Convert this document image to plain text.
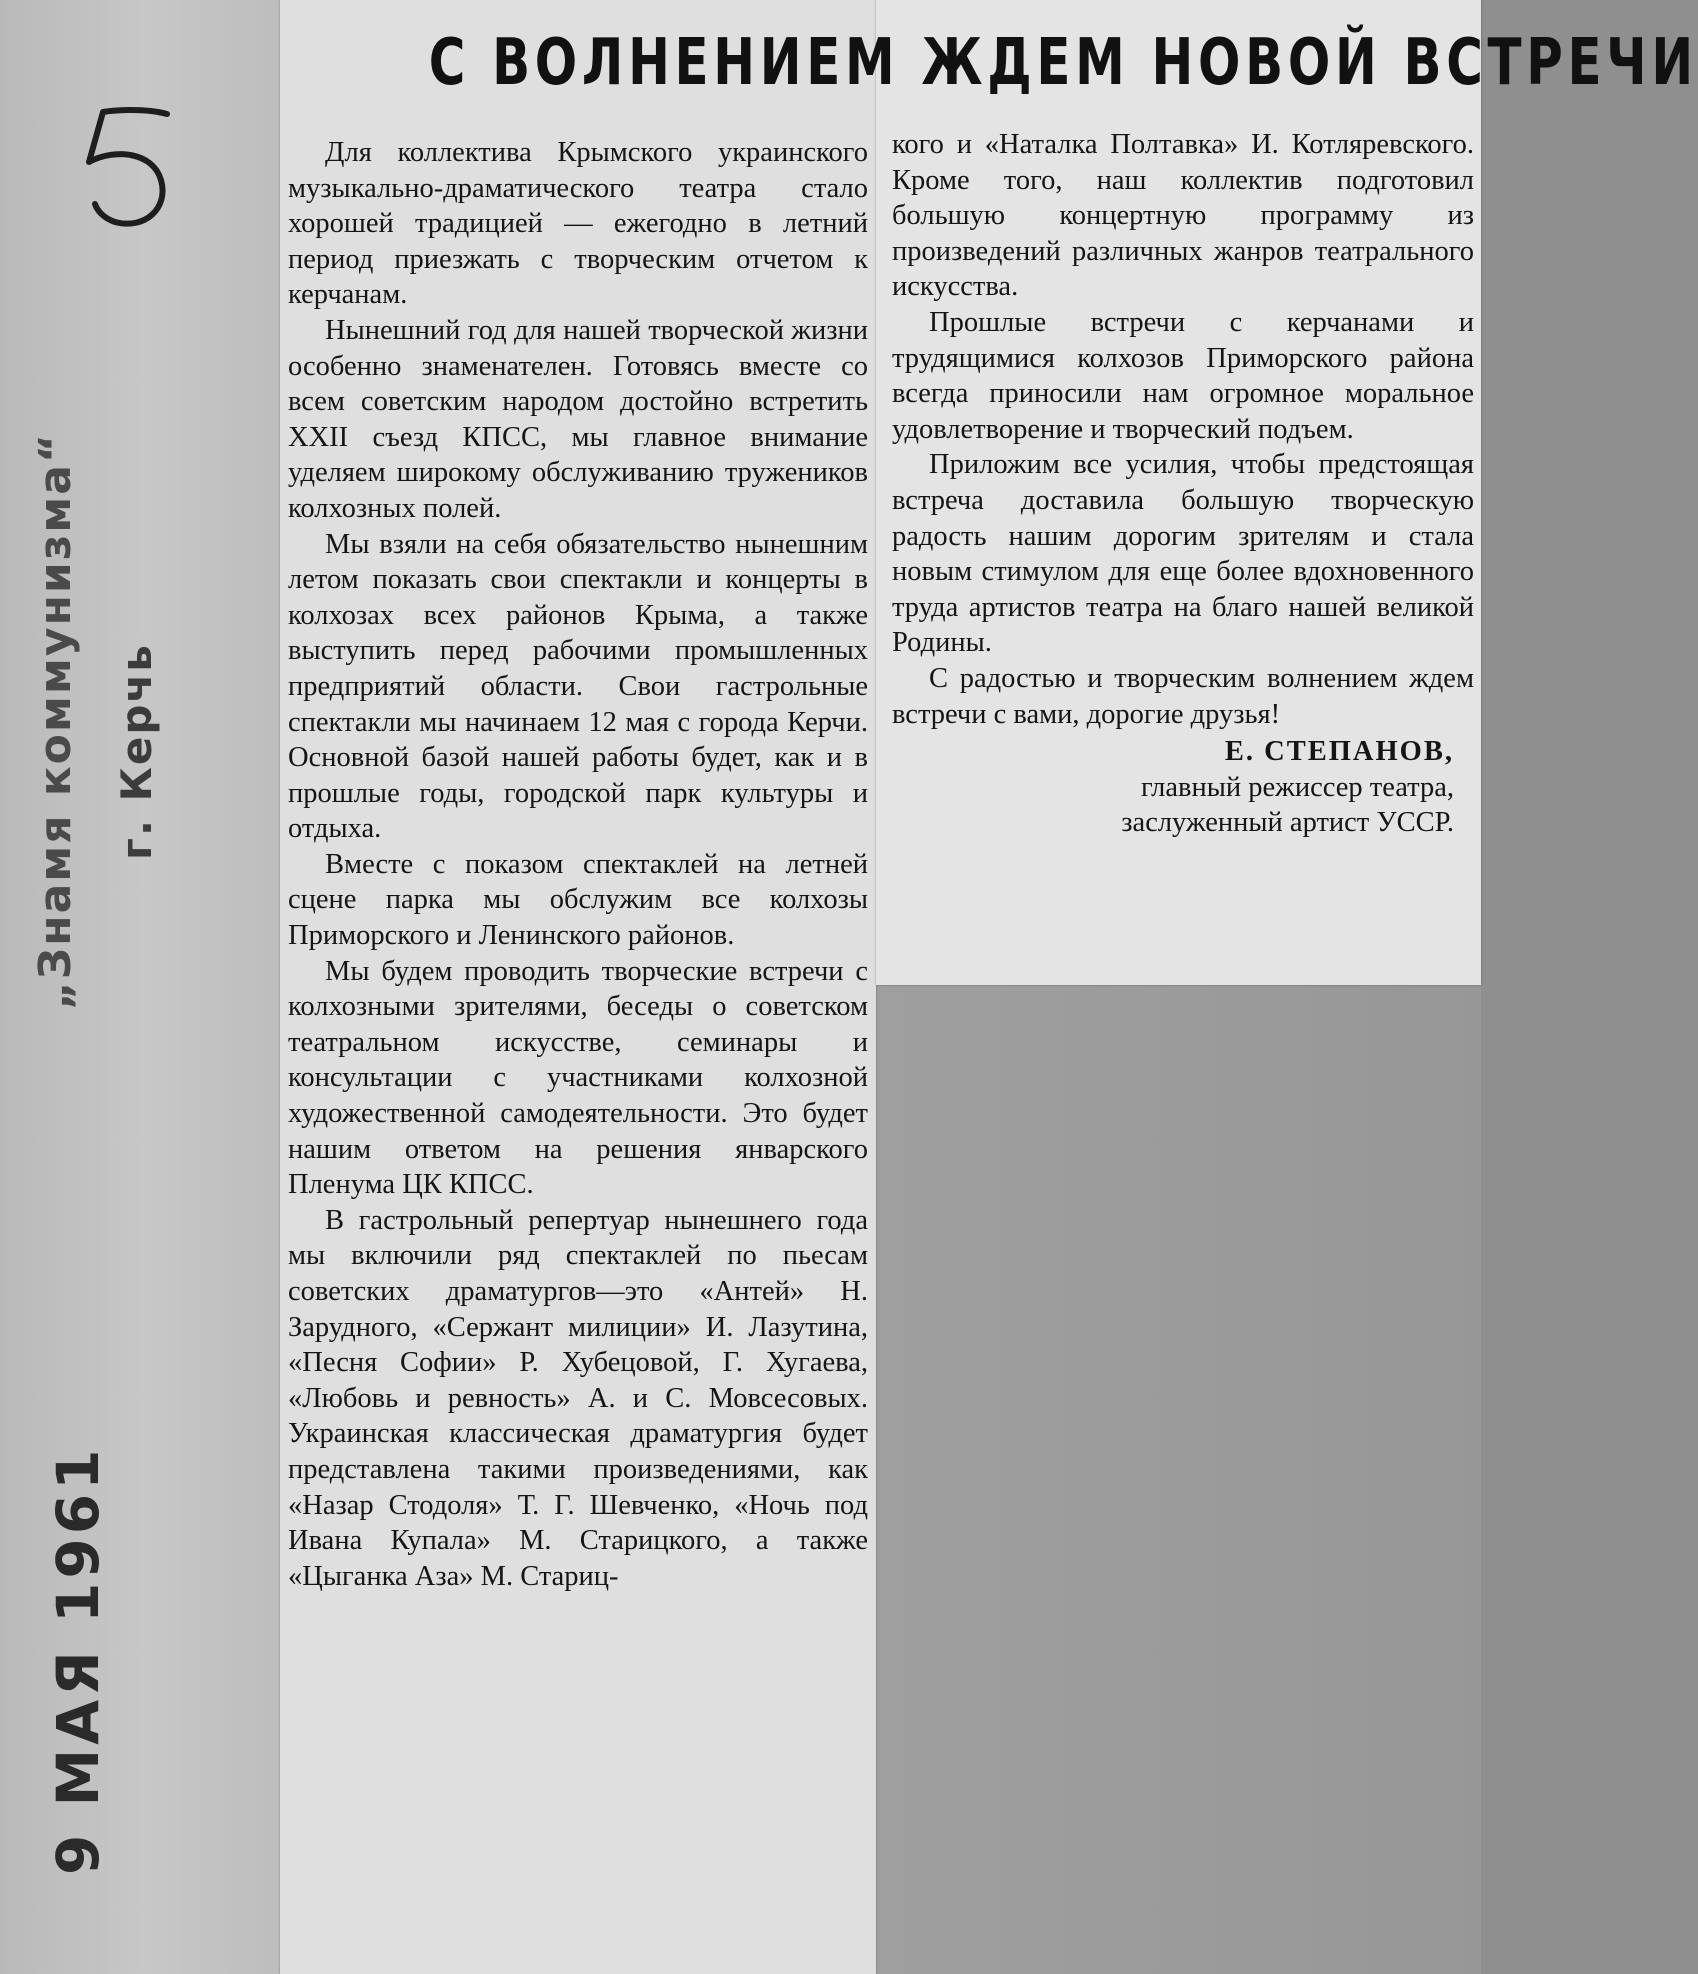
„Знамя коммунизма“ г. Керчь
9 МАЯ 1961
С ВОЛНЕНИЕМ ЖДЕМ НОВОЙ ВСТРЕЧИ

Для коллектива Крымского украинского музыкально-драматического театра стало хорошей традицией — ежегодно в летний период приезжать с творческим отчетом к керчанам.

Нынешний год для нашей творческой жизни особенно знаменателен. Готовясь вместе со всем советским народом достойно встретить XXII съезд КПСС, мы главное внимание уделяем широкому обслуживанию тружеников колхозных полей.

Мы взяли на себя обязательство нынешним летом показать свои спектакли и концерты в колхозах всех районов Крыма, а также выступить перед рабочими промышленных предприятий области. Свои гастрольные спектакли мы начинаем 12 мая с города Керчи. Основной базой нашей работы будет, как и в прошлые годы, городской парк культуры и отдыха.

Вместе с показом спектаклей на летней сцене парка мы обслужим все колхозы Приморского и Ленинского районов.

Мы будем проводить творческие встречи с колхозными зрителями, беседы о советском театральном искусстве, семинары и консультации с участниками колхозной художественной самодеятельности. Это будет нашим ответом на решения январского Пленума ЦК КПСС.

В гастрольный репертуар нынешнего года мы включили ряд спектаклей по пьесам советских драматургов—это «Антей» Н. Зарудного, «Сержант милиции» И. Лазутина, «Песня Софии» Р. Хубецовой, Г. Хугаева, «Любовь и ревность» А. и С. Мовсесовых. Украинская классическая драматургия будет представлена такими произведениями, как «Назар Стодоля» Т. Г. Шевченко, «Ночь под Ивана Купала» М. Старицкого, а также «Цыганка Аза» М. Стариц-

кого и «Наталка Полтавка» И. Котляревского. Кроме того, наш коллектив подготовил большую концертную программу из произведений различных жанров театрального искусства.

Прошлые встречи с керчанами и трудящимися колхозов Приморского района всегда приносили нам огромное моральное удовлетворение и творческий подъем.

Приложим все усилия, чтобы предстоящая встреча доставила большую творческую радость нашим дорогим зрителям и стала новым стимулом для еще более вдохновенного труда артистов театра на благо нашей великой Родины.

С радостью и творческим волнением ждем встречи с вами, дорогие друзья!

Е. СТЕПАНОВ,

главный режиссер театра,

заслуженный артист УССР.
